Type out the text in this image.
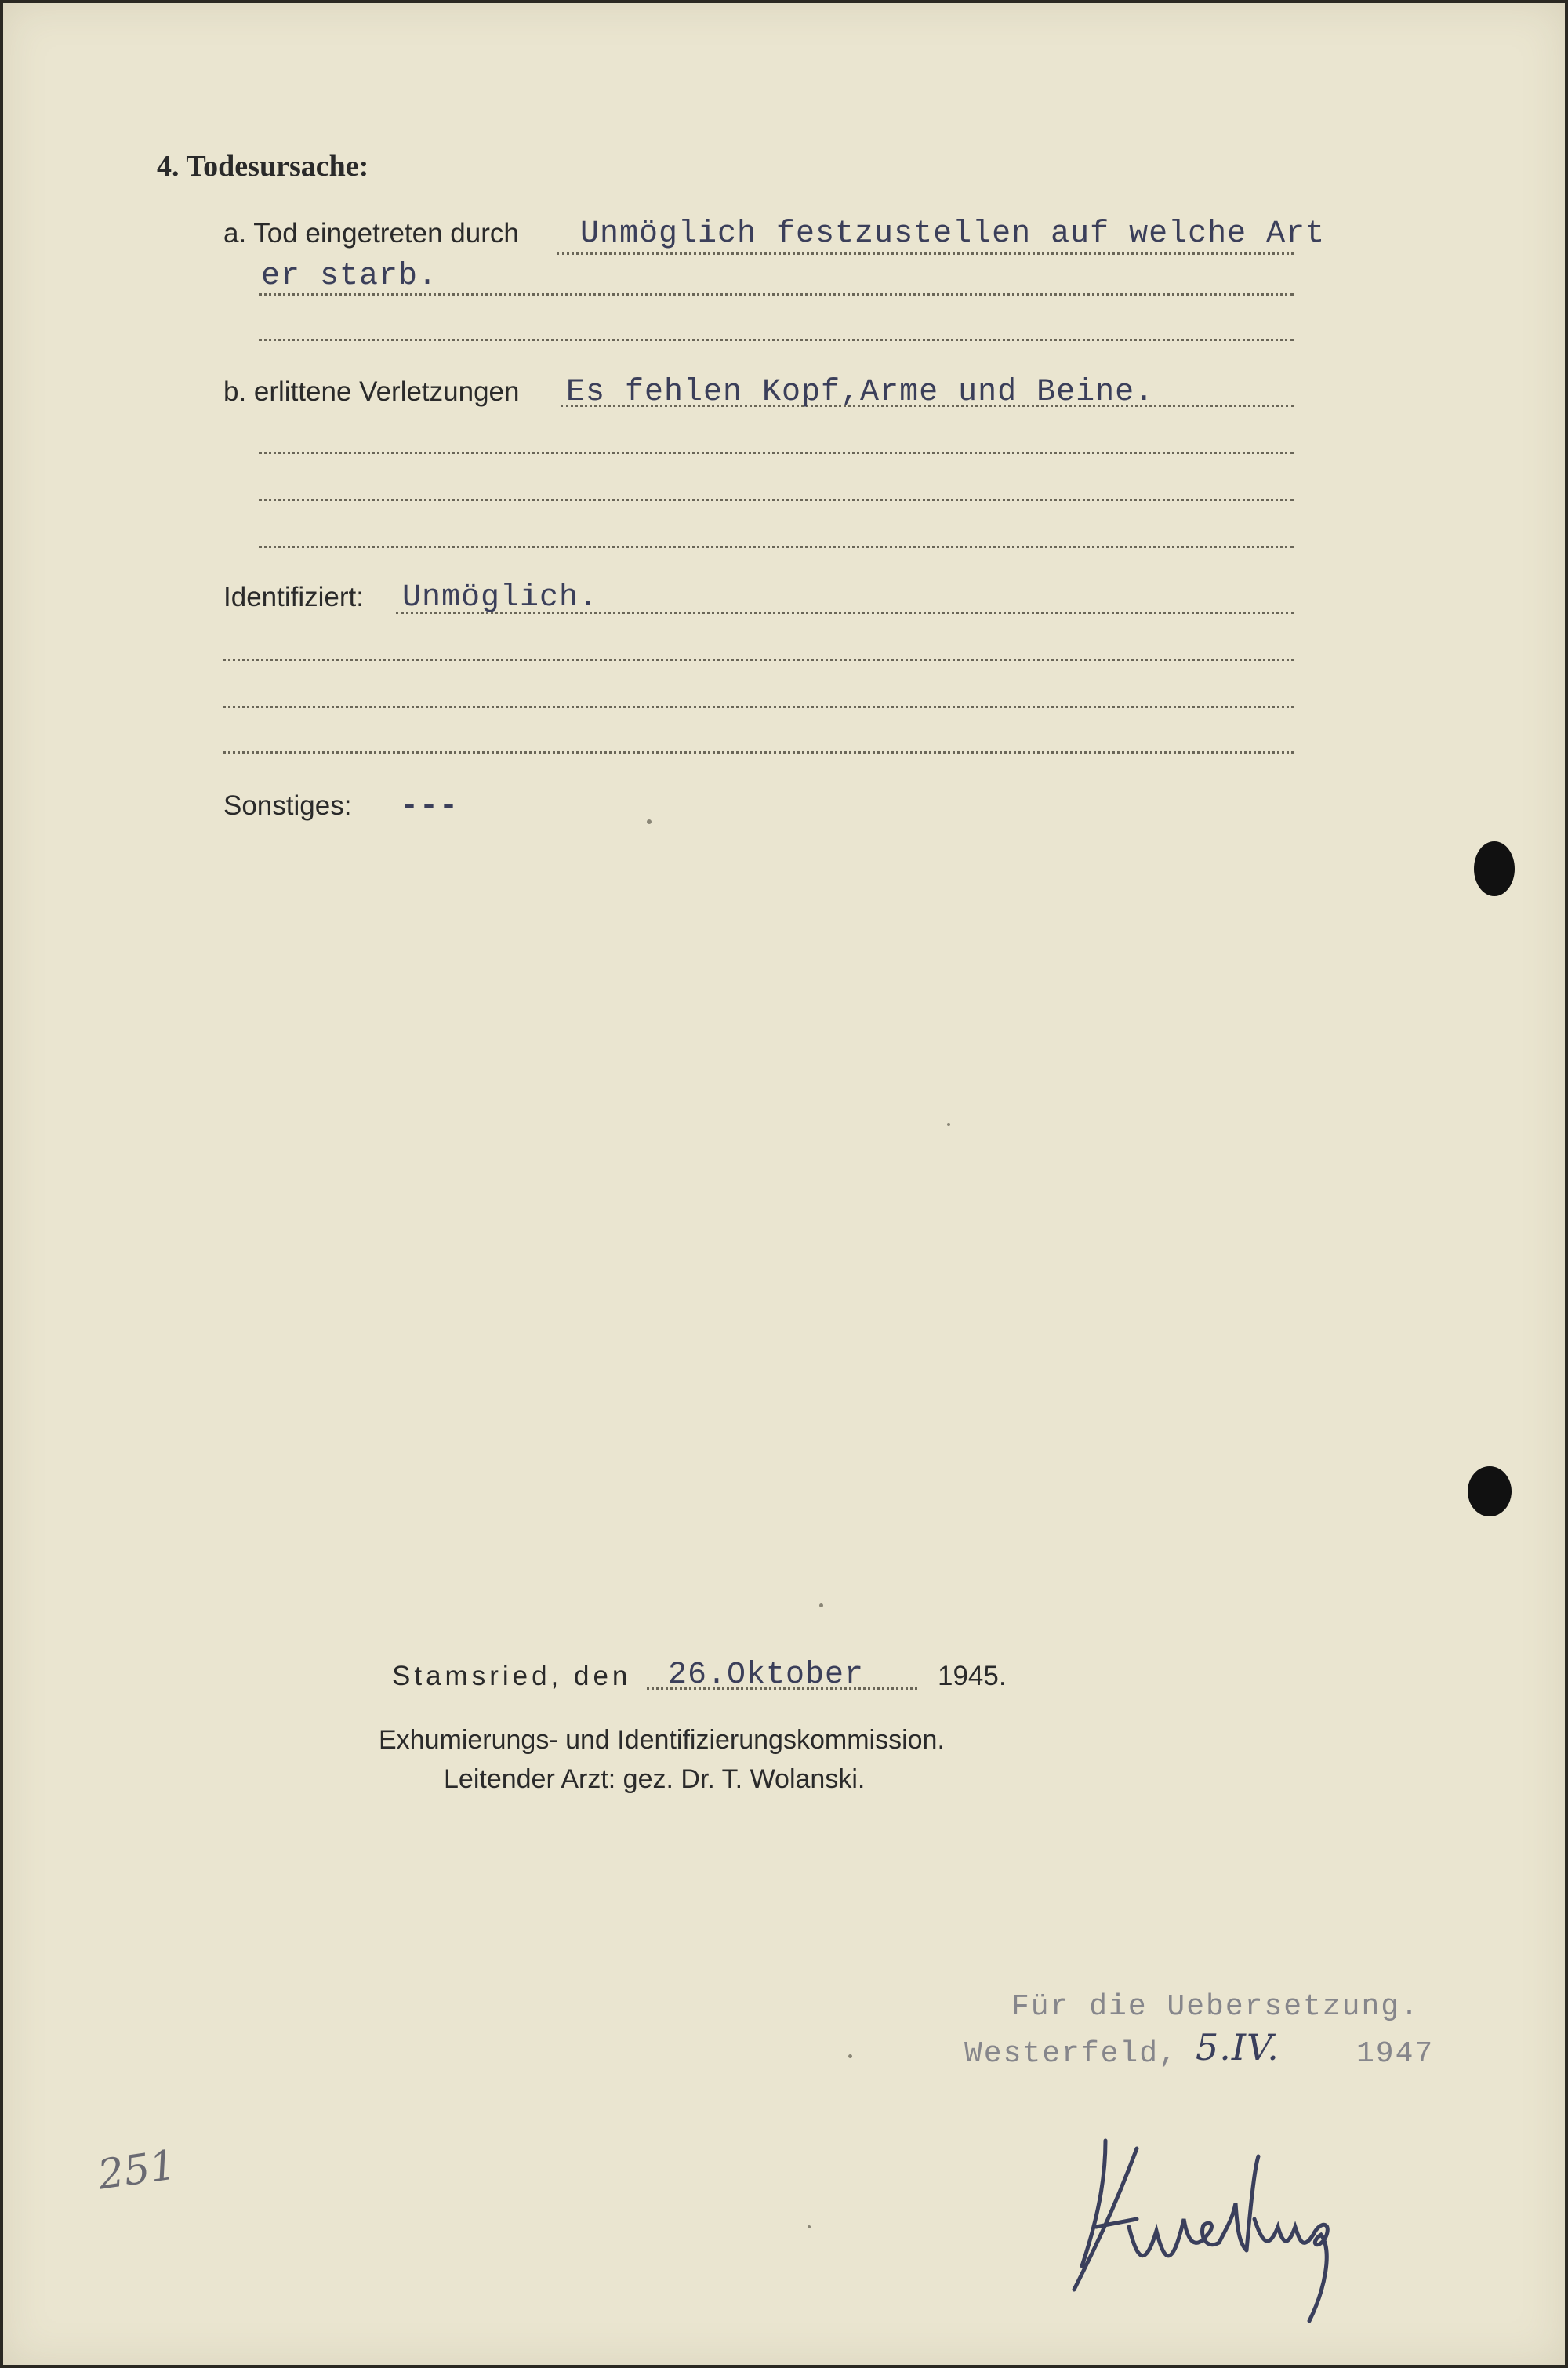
4. Todesursache:
a. Tod eingetreten durch Unmöglich festzustellen auf welche Art
er starb.
b. erlittene Verletzungen Es fehlen Kopf,Arme und Beine.
Identifiziert: Unmöglich.
Sonstiges: ---
Stamsried, den 26.Oktober	1945.
Exhumierungs- und Identifizierungskommission.
Leitender Arzt: gez. Dr. T. Wolanski.
Für die Uebersetzung.
Westerfeld, 5.IV.	1947
251
